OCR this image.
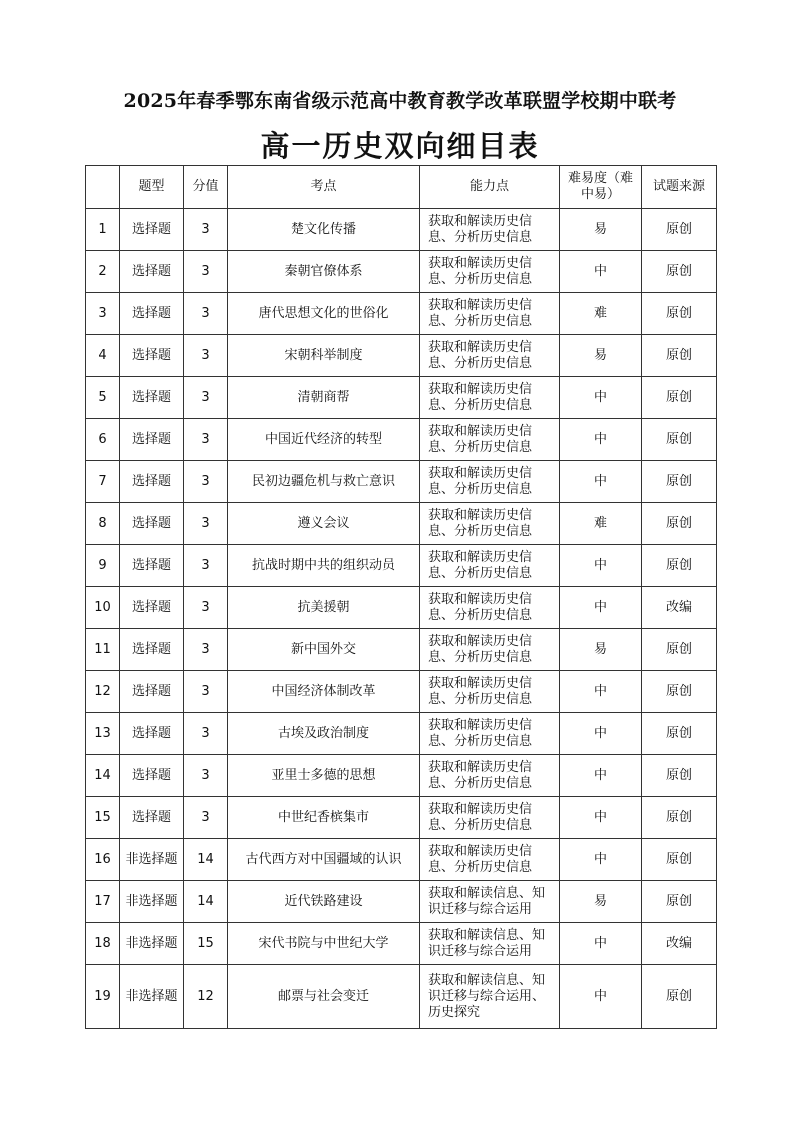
2025年春季鄂东南省级示范高中教育教学改革联盟学校期中联考
高一历史双向细目表
	题型	分值	考点	能力点	难易度（难中易）	试题来源
1	选择题	3	楚文化传播	获取和解读历史信息、分析历史信息	易	原创
2	选择题	3	秦朝官僚体系	获取和解读历史信息、分析历史信息	中	原创
3	选择题	3	唐代思想文化的世俗化	获取和解读历史信息、分析历史信息	难	原创
4	选择题	3	宋朝科举制度	获取和解读历史信息、分析历史信息	易	原创
5	选择题	3	清朝商帮	获取和解读历史信息、分析历史信息	中	原创
6	选择题	3	中国近代经济的转型	获取和解读历史信息、分析历史信息	中	原创
7	选择题	3	民初边疆危机与救亡意识	获取和解读历史信息、分析历史信息	中	原创
8	选择题	3	遵义会议	获取和解读历史信息、分析历史信息	难	原创
9	选择题	3	抗战时期中共的组织动员	获取和解读历史信息、分析历史信息	中	原创
10	选择题	3	抗美援朝	获取和解读历史信息、分析历史信息	中	改编
11	选择题	3	新中国外交	获取和解读历史信息、分析历史信息	易	原创
12	选择题	3	中国经济体制改革	获取和解读历史信息、分析历史信息	中	原创
13	选择题	3	古埃及政治制度	获取和解读历史信息、分析历史信息	中	原创
14	选择题	3	亚里士多德的思想	获取和解读历史信息、分析历史信息	中	原创
15	选择题	3	中世纪香槟集市	获取和解读历史信息、分析历史信息	中	原创
16	非选择题	14	古代西方对中国疆域的认识	获取和解读历史信息、分析历史信息	中	原创
17	非选择题	14	近代铁路建设	获取和解读信息、知识迁移与综合运用	易	原创
18	非选择题	15	宋代书院与中世纪大学	获取和解读信息、知识迁移与综合运用	中	改编
19	非选择题	12	邮票与社会变迁	获取和解读信息、知识迁移与综合运用、历史探究	中	原创
